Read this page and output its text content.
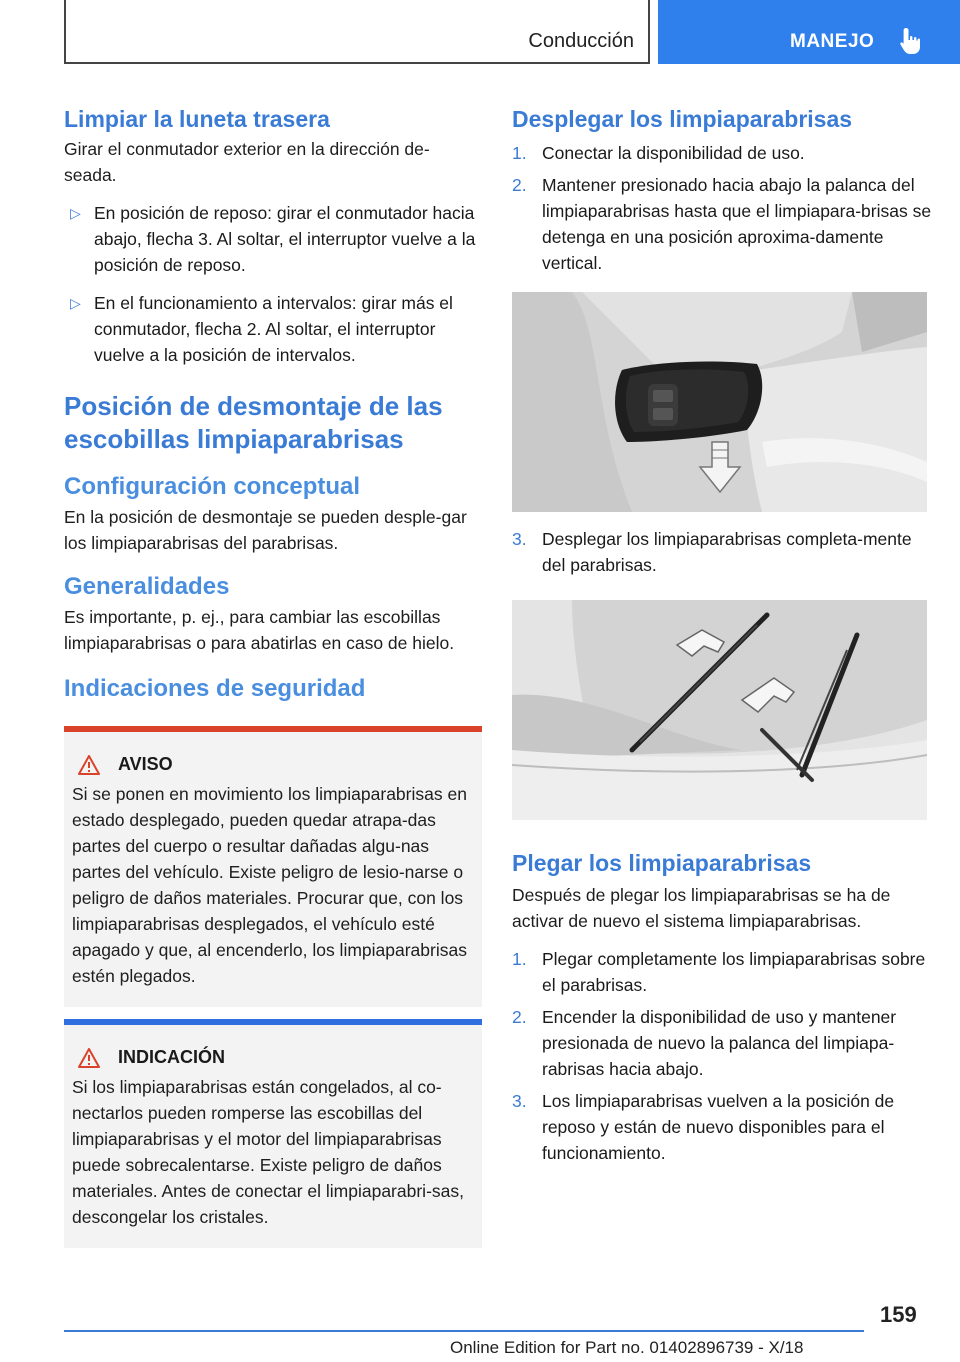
Conducción	MANEJO
Limpiar la luneta trasera

Girar el conmutador exterior en la dirección de-seada.

▷ En posición de reposo: girar el conmutador hacia abajo, flecha 3. Al soltar, el interruptor vuelve a la posición de reposo.
▷ En el funcionamiento a intervalos: girar más el conmutador, flecha 2. Al soltar, el interruptor vuelve a la posición de intervalos.
Posición de desmontaje de las escobillas limpiaparabrisas
Configuración conceptual

En la posición de desmontaje se pueden desple-gar los limpiaparabrisas del parabrisas.

Generalidades

Es importante, p. ej., para cambiar las escobillas limpiaparabrisas o para abatirlas en caso de hielo.

Indicaciones de seguridad
AVISO

Si se ponen en movimiento los limpiaparabrisas en estado desplegado, pueden quedar atrapa-das partes del cuerpo o resultar dañadas algu-nas partes del vehículo. Existe peligro de lesio-narse o peligro de daños materiales. Procurar que, con los limpiaparabrisas desplegados, el vehículo esté apagado y que, al encenderlo, los limpiaparabrisas estén plegados.

INDICACIÓN

Si los limpiaparabrisas están congelados, al co-nectarlos pueden romperse las escobillas del limpiaparabrisas y el motor del limpiaparabrisas puede sobrecalentarse. Existe peligro de daños materiales. Antes de conectar el limpiaparabri-sas, descongelar los cristales.

Desplegar los limpiaparabrisas
1. Conectar la disponibilidad de uso.
2. Mantener presionado hacia abajo la palanca del limpiaparabrisas hasta que el limpiapara-brisas se detenga en una posición aproxima-damente vertical.
3. Desplegar los limpiaparabrisas completa-mente del parabrisas.
Plegar los limpiaparabrisas

Después de plegar los limpiaparabrisas se ha de activar de nuevo el sistema limpiaparabrisas.

1. Plegar completamente los limpiaparabrisas sobre el parabrisas.
2. Encender la disponibilidad de uso y mantener presionada de nuevo la palanca del limpiapa-rabrisas hacia abajo.
3. Los limpiaparabrisas vuelven a la posición de reposo y están de nuevo disponibles para el funcionamiento.
159
Online Edition for Part no. 01402896739 - X/18
